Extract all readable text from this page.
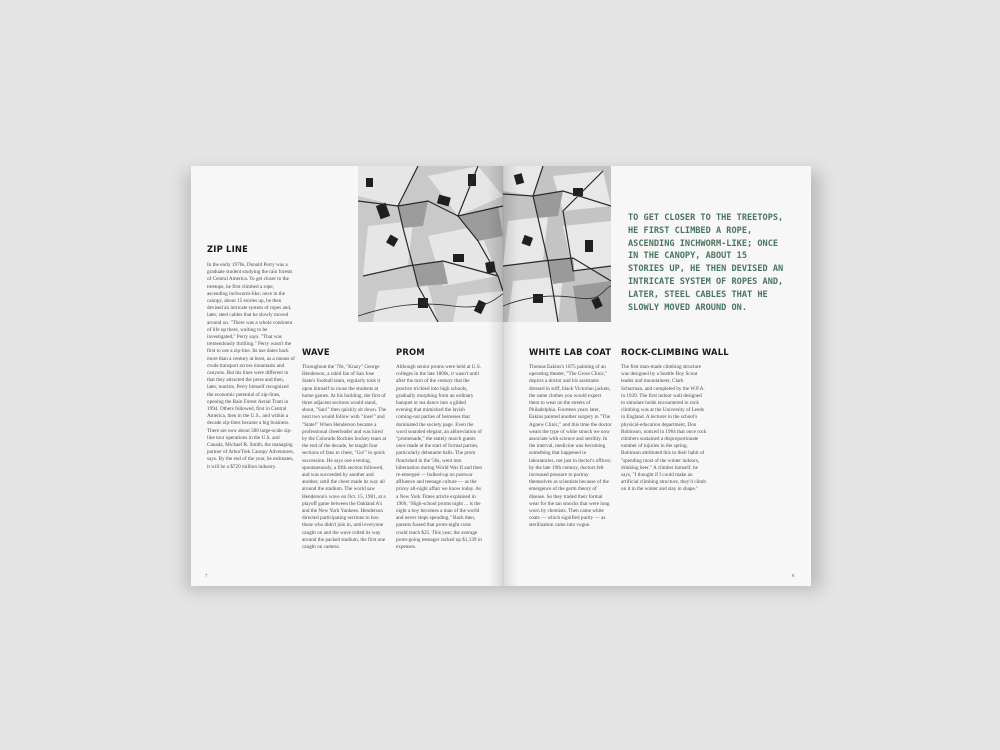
ZIP LINE
In the early 1970s, Donald Perry was a graduate student studying the rain forests of Central America. To get closer to the treetops, he first climbed a rope, ascending inchworm-like; once in the canopy, about 15 stories up, he then devised an intricate system of ropes and, later, steel cables that he slowly moved around on. "There was a whole continent of life up there, waiting to be investigated," Perry says. "That was tremendously thrilling." Perry wasn't the first to use a zip-line. Its use dates back more than a century at least, as a means of crude transport across mountains and canyons. But his lines were different in that they attracted the press and then, later, tourists. Perry himself recognized the economic potential of zip-lines, opening the Rain Forest Aerial Tram in 1994. Others followed, first in Central America, then in the U.S., and within a decade zip-lines became a big business. There are now about 500 large-scale zip-line tour operations in the U.S. and Canada, Michael R. Smith, the managing partner of ArborTrek Canopy Adventures, says. By the end of the year, he estimates, it will be a $720 million industry.
WAVE
Throughout the '70s, "Krazy" George Henderson, a rabid fan of San Jose State's football team, regularly took it upon himself to rouse the students at home games. At his building, the first of three adjacent sections would stand, shout, "San!" then quickly sit down. The next two would follow with "Jose!" and "State!" When Henderson became a professional cheerleader and was hired by the Colorado Rockies hockey team at the end of the decade, he taught four sections of fans to cheer, "Go!" in quick succession. He says one evening, spontaneously, a fifth section followed, and was succeeded by another and another, until the cheer made its way all around the stadium. The world saw Henderson's wave on Oct. 15, 1981, at a playoff game between the Oakland A's and the New York Yankees. Henderson directed participating sections to boo those who didn't join in, until everyone caught on and the wave rolled its way around the packed stadium, the first one caught on camera.
PROM
Although senior proms were held at U.S. colleges in the late 1800s, it wasn't until after the turn of the century that the practice trickled into high schools, gradually morphing from an ordinary banquet or tea dance into a gilded evening that mimicked the lavish coming-out parties of heiresses that dominated the society page. Even the word sounded elegant, an abbreviation of "promenade," the stately march guests once made at the start of formal parties, particularly debutante balls. The prom flourished in the '50s, went into hibernation during World War II and then re-emerged — bulked-up on postwar affluence and teenage culture — as the pricey all-night affair we know today. As a New York Times article explained in 1960, "High-school proms night ... is the night a boy becomes a man of the world and never stops spending." Back then, parents fussed that prom-night costs could reach $25. This year, the average prom-going teenager racked up $1,139 in expenses.
WHITE LAB COAT
Thomas Eakins's 1875 painting of an operating theater, "The Gross Clinic," depicts a doctor and his assistants dressed in stiff, black Victorian jackets, the same clothes you would expect them to wear on the streets of Philadelphia. Fourteen years later, Eakins painted another surgery in "The Agnew Clinic," and this time the doctor wears the type of white smock we now associate with science and sterility. In the interval, medicine was becoming something that happened in laboratories, not just in doctor's offices; by the late 19th century, doctors felt increased pressure to portray themselves as scientists because of the emergence of the germ theory of disease. So they traded their formal wear for the tan smocks that were long worn by chemists. Then came white coats — which signified purity — as sterilization came into vogue.
ROCK-CLIMBING WALL
The first man-made climbing structure was designed by a Seattle Boy Scout leader and mountaineer, Clark Schurman, and completed by the W.P.A. in 1939. The first indoor wall designed to simulate holds encountered in rock climbing was at the University of Leeds in England. A lecturer in the school's physical-education department, Don Robinson, noticed in 1964 that once rock climbers sustained a disproportionate number of injuries in the spring. Robinson attributed this to their habit of "spending most of the winter indoors, drinking beer." A climber himself, he says, "I thought if I could make an artificial climbing structure, they'd climb on it in the winter and stay in shape."
TO GET CLOSER TO THE TREETOPS, HE FIRST CLIMBED A ROPE, ASCENDING INCHWORM-LIKE; ONCE IN THE CANOPY, ABOUT 15 STORIES UP, HE THEN DEVISED AN INTRICATE SYSTEM OF ROPES AND, LATER, STEEL CABLES THAT HE SLOWLY MOVED AROUND ON.
7	8
